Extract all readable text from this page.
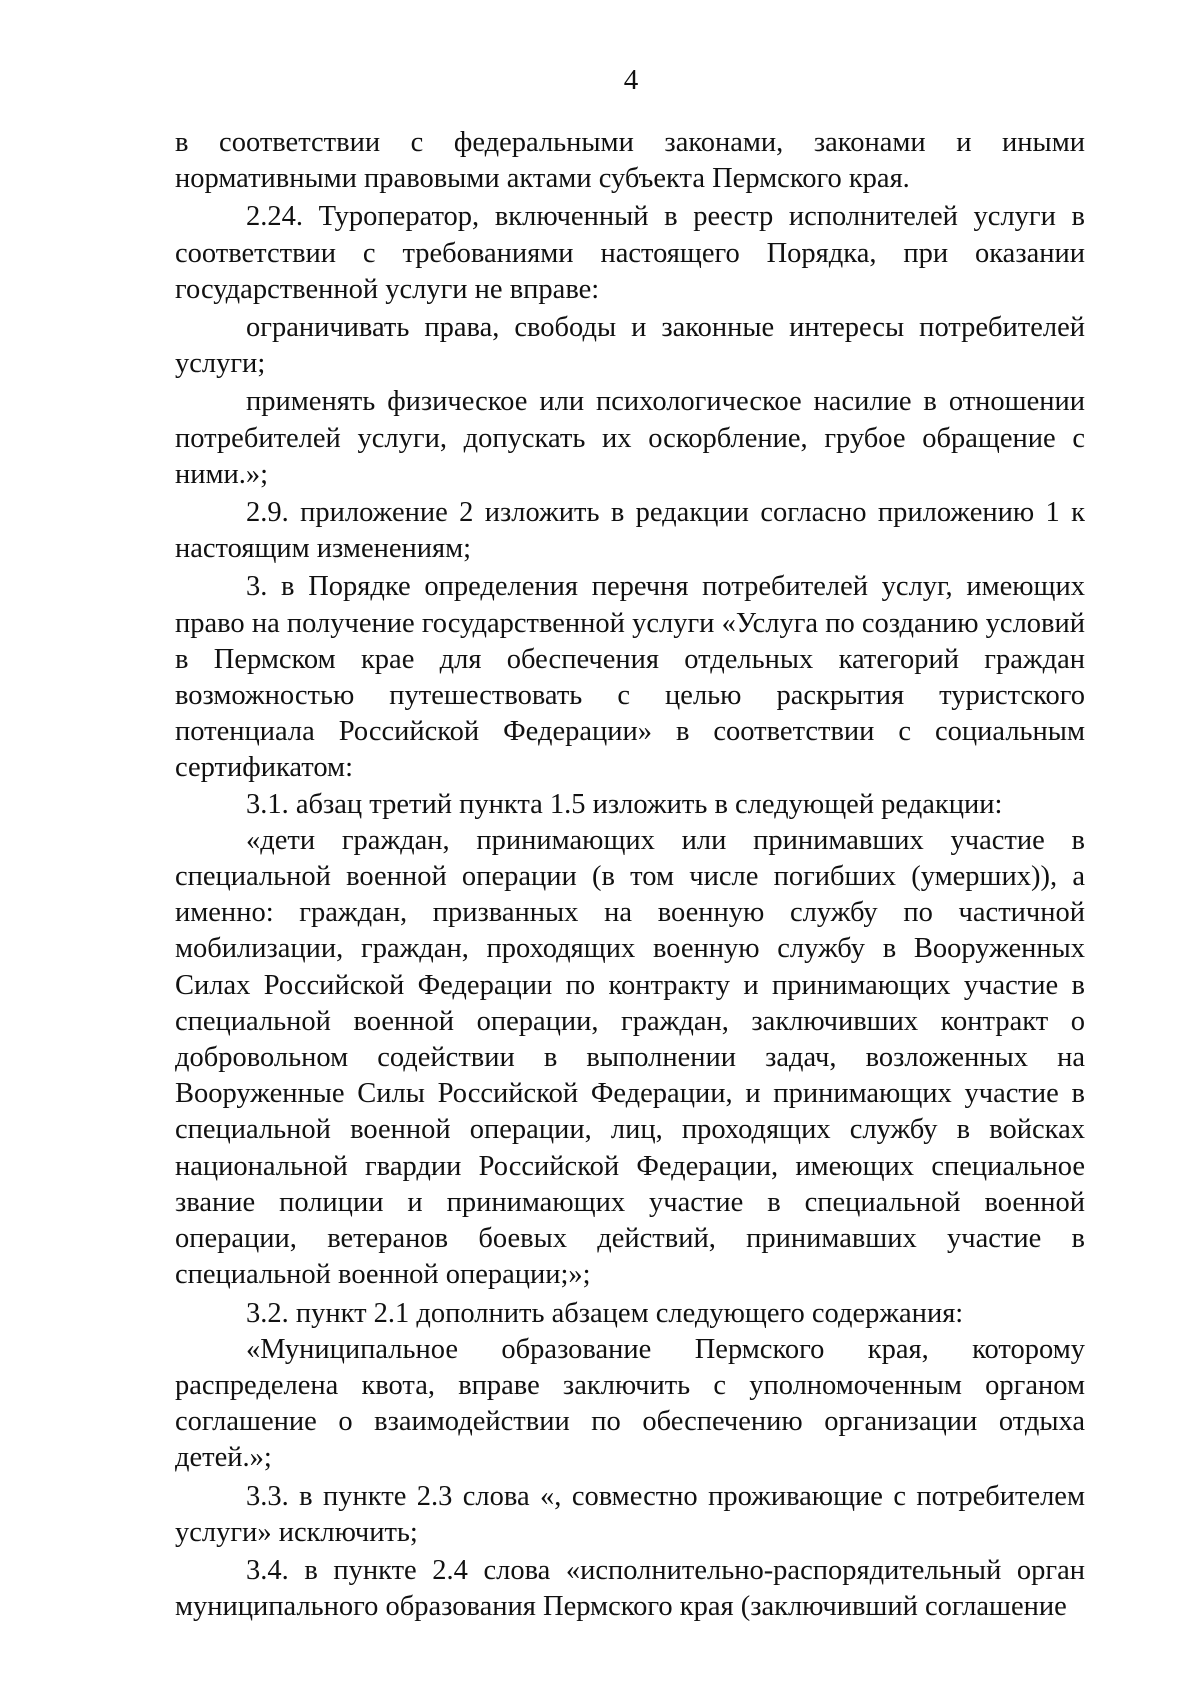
4

в соответствии с федеральными законами, законами и иными нормативными правовыми актами субъекта Пермского края.

2.24. Туроператор, включенный в реестр исполнителей услуги в соответствии с требованиями настоящего Порядка, при оказании государственной услуги не вправе:

ограничивать права, свободы и законные интересы потребителей услуги;

применять физическое или психологическое насилие в отношении потребителей услуги, допускать их оскорбление, грубое обращение с ними.»;

2.9. приложение 2 изложить в редакции согласно приложению 1 к настоящим изменениям;

3. в Порядке определения перечня потребителей услуг, имеющих право на получение государственной услуги «Услуга по созданию условий в Пермском крае для обеспечения отдельных категорий граждан возможностью путешествовать с целью раскрытия туристского потенциала Российской Федерации» в соответствии с социальным сертификатом:

3.1. абзац третий пункта 1.5 изложить в следующей редакции:

«дети граждан, принимающих или принимавших участие в специальной военной операции (в том числе погибших (умерших)), а именно: граждан, призванных на военную службу по частичной мобилизации, граждан, проходящих военную службу в Вооруженных Силах Российской Федерации по контракту и принимающих участие в специальной военной операции, граждан, заключивших контракт о добровольном содействии в выполнении задач, возложенных на Вооруженные Силы Российской Федерации, и принимающих участие в специальной военной операции, лиц, проходящих службу в войсках национальной гвардии Российской Федерации, имеющих специальное звание полиции и принимающих участие в специальной военной операции, ветеранов боевых действий, принимавших участие в специальной военной операции;»;

3.2. пункт 2.1 дополнить абзацем следующего содержания:

«Муниципальное образование Пермского края, которому распределена квота, вправе заключить с уполномоченным органом соглашение о взаимодействии по обеспечению организации отдыха детей.»;

3.3. в пункте 2.3 слова «, совместно проживающие с потребителем услуги» исключить;

3.4. в пункте 2.4 слова «исполнительно-распорядительный орган муниципального образования Пермского края (заключивший соглашение
